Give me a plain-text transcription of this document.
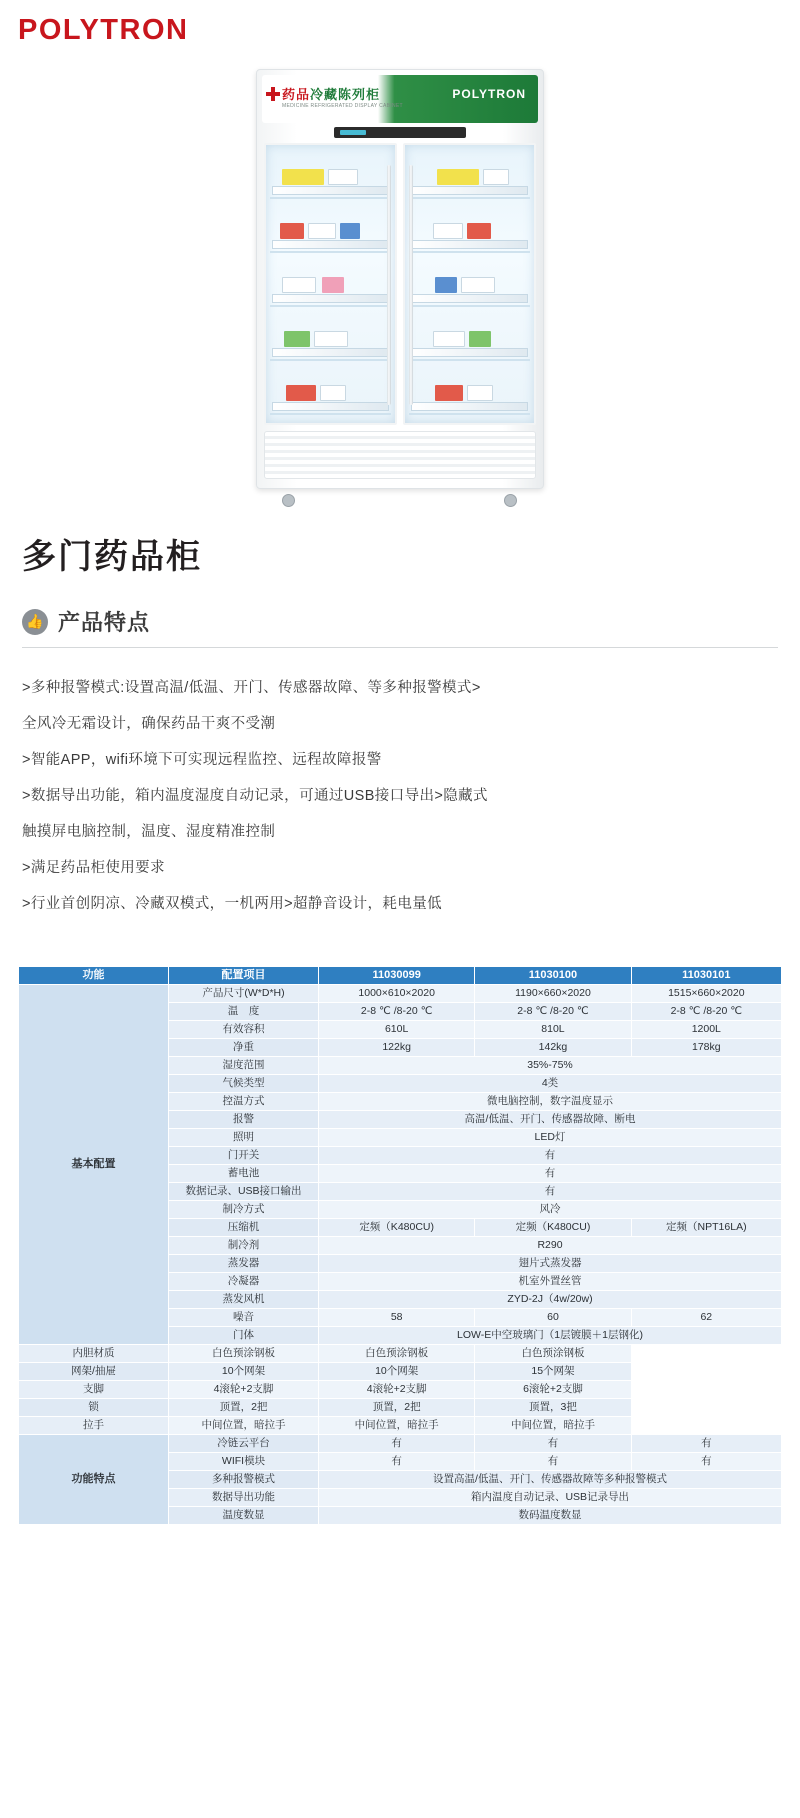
POLYTRON
药品冷藏陈列柜
MEDICINE REFRIGERATED DISPLAY CABINET
POLYTRON
多门药品柜
👍 产品特点
>多种报警模式:设置高温/低温、开门、传感器故障、等多种报警模式>
全风冷无霜设计，确保药品干爽不受潮
>智能APP，wifi环境下可实现远程监控、远程故障报警
>数据导出功能，箱内温度湿度自动记录，可通过USB接口导出>隐藏式
触摸屏电脑控制，温度、湿度精准控制
>满足药品柜使用要求
>行业首创阴凉、冷藏双模式，一机两用>超静音设计，耗电量低
功能	配置项目	11030099	11030100	11030101
基本配置	产品尺寸(W*D*H)	1000×610×2020	1190×660×2020	1515×660×2020
	温　度	2-8 ℃ /8-20 ℃	2-8 ℃ /8-20 ℃	2-8 ℃ /8-20 ℃
	有效容积	610L	810L	1200L
	净重	122kg	142kg	178kg
	湿度范围	35%-75%		
	气候类型	4类		
	控温方式	微电脑控制，数字温度显示		
	报警	高温/低温、开门、传感器故障、断电		
	照明	LED灯		
	门开关	有		
	蓄电池	有		
	数据记录、USB接口输出	有		
	制冷方式	风冷		
	压缩机	定频（K480CU)	定频（K480CU)	定频（NPT16LA)
	制冷剂	R290		
	蒸发器	翅片式蒸发器		
	冷凝器	机室外置丝管		
	蒸发风机	ZYD-2J（4w/20w)		
	噪音	58	60	62
	门体	LOW-E中空玻璃门（1层镀膜＋1层钢化)		
内胆材质	白色预涂钢板	白色预涂钢板	白色预涂钢板	
网架/抽屉	10个网架	10个网架	15个网架	
支脚	4滚轮+2支脚	4滚轮+2支脚	6滚轮+2支脚	
锁	顶置，2把	顶置，2把	顶置，3把	
拉手	中间位置，暗拉手	中间位置，暗拉手	中间位置，暗拉手	
功能特点	冷链云平台	有	有	有
	WIFI模块	有	有	有
	多种报警模式	设置高温/低温、开门、传感器故障等多种报警模式		
	数据导出功能	箱内温度自动记录、USB记录导出		
	温度数显	数码温度数显		
